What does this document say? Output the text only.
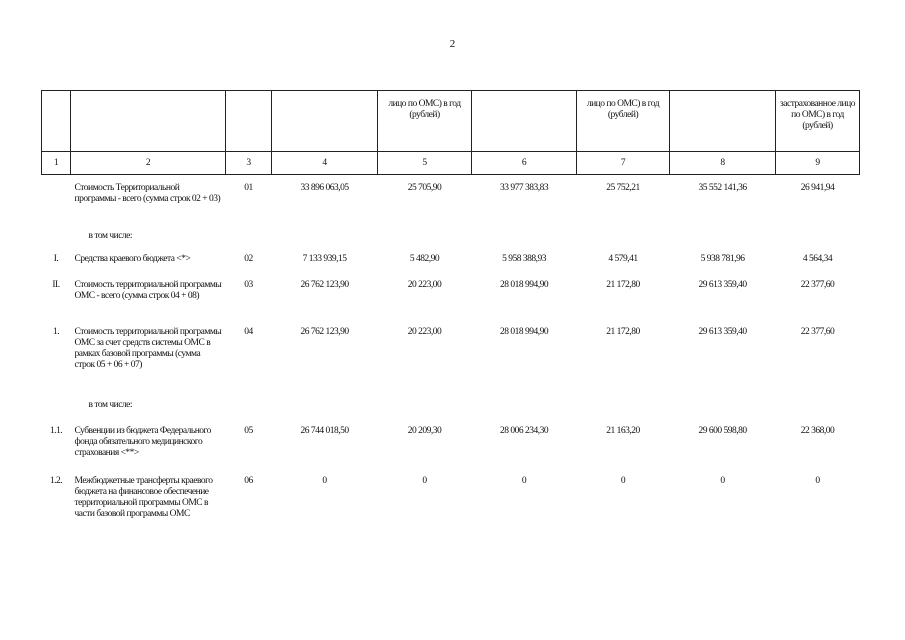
2
				лицо по ОМС) в год (рублей)		лицо по ОМС) в год (рублей)		застрахованное лицо по ОМС) в год (рублей)
1	2	3	4	5	6	7	8	9
	Стоимость Территориальной программы - всего (сумма строк 02 + 03)	01	33 896 063,05	25 705,90	33 977 383,83	25 752,21	35 552 141,36	26 941,94
	в том числе:							
I.	Средства краевого бюджета <*>	02	7 133 939,15	5 482,90	5 958 388,93	4 579,41	5 938 781,96	4 564,34
II.	Стоимость территориальной программы ОМС - всего (сумма строк 04 + 08)	03	26 762 123,90	20 223,00	28 018 994,90	21 172,80	29 613 359,40	22 377,60
1.	Стоимость территориальной программы ОМС за счет средств системы ОМС в рамках базовой программы (сумма строк 05 + 06 + 07)	04	26 762 123,90	20 223,00	28 018 994,90	21 172,80	29 613 359,40	22 377,60
	в том числе:							
1.1.	Субвенции из бюджета Федерального фонда обязательного медицинского страхования <**>	05	26 744 018,50	20 209,30	28 006 234,30	21 163,20	29 600 598,80	22 368,00
1.2.	Межбюджетные трансферты краевого бюджета на финансовое обеспечение территориальной программы ОМС в части базовой программы ОМС	06	0	0	0	0	0	0
